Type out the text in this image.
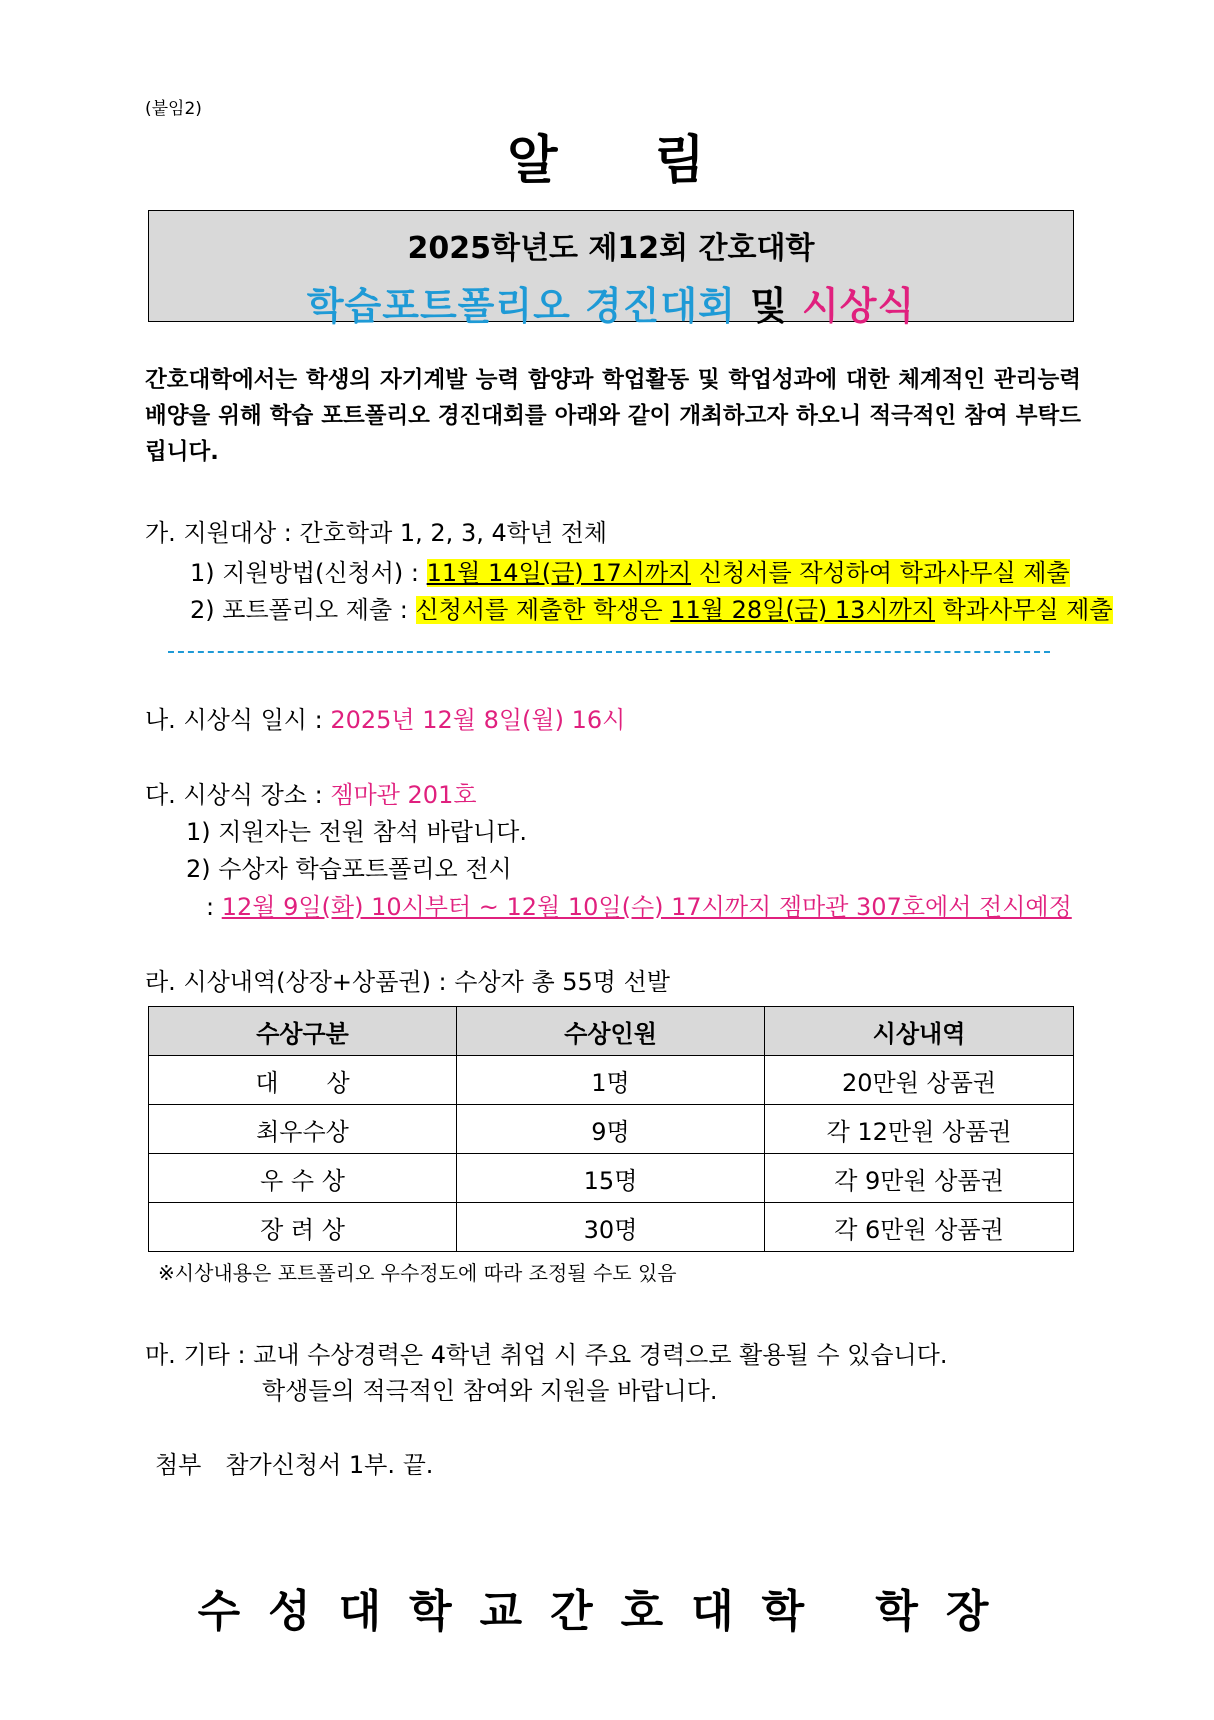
(붙임2)
알 림
2025학년도 제12회 간호대학
학습포트폴리오 경진대회 및 시상식
간호대학에서는 학생의 자기계발 능력 함양과 학업활동 및 학업성과에 대한 체계적인 관리능력 배양을 위해 학습 포트폴리오 경진대회를 아래와 같이 개최하고자 하오니 적극적인 참여 부탁드립니다.
가. 지원대상 : 간호학과 1, 2, 3, 4학년 전체
1) 지원방법(신청서) : 11월 14일(금) 17시까지 신청서를 작성하여 학과사무실 제출
2) 포트폴리오 제출 : 신청서를 제출한 학생은 11월 28일(금) 13시까지 학과사무실 제출
나. 시상식 일시 : 2025년 12월 8일(월) 16시
다. 시상식 장소 : 젬마관 201호
1) 지원자는 전원 참석 바랍니다.
2) 수상자 학습포트폴리오 전시
: 12월 9일(화) 10시부터 ~ 12월 10일(수) 17시까지 젬마관 307호에서 전시예정
라. 시상내역(상장+상품권) : 수상자 총 55명 선발
수상구분	수상인원	시상내역
대　　상	1명	20만원 상품권
최우수상	9명	각 12만원 상품권
우 수 상	15명	각 9만원 상품권
장 려 상	30명	각 6만원 상품권
※시상내용은 포트폴리오 우수정도에 따라 조정될 수도 있음
마. 기타 : 교내 수상경력은 4학년 취업 시 주요 경력으로 활용될 수 있습니다.
학생들의 적극적인 참여와 지원을 바랍니다.
첨부　참가신청서 1부. 끝.
수성대학교간호대학 학장
